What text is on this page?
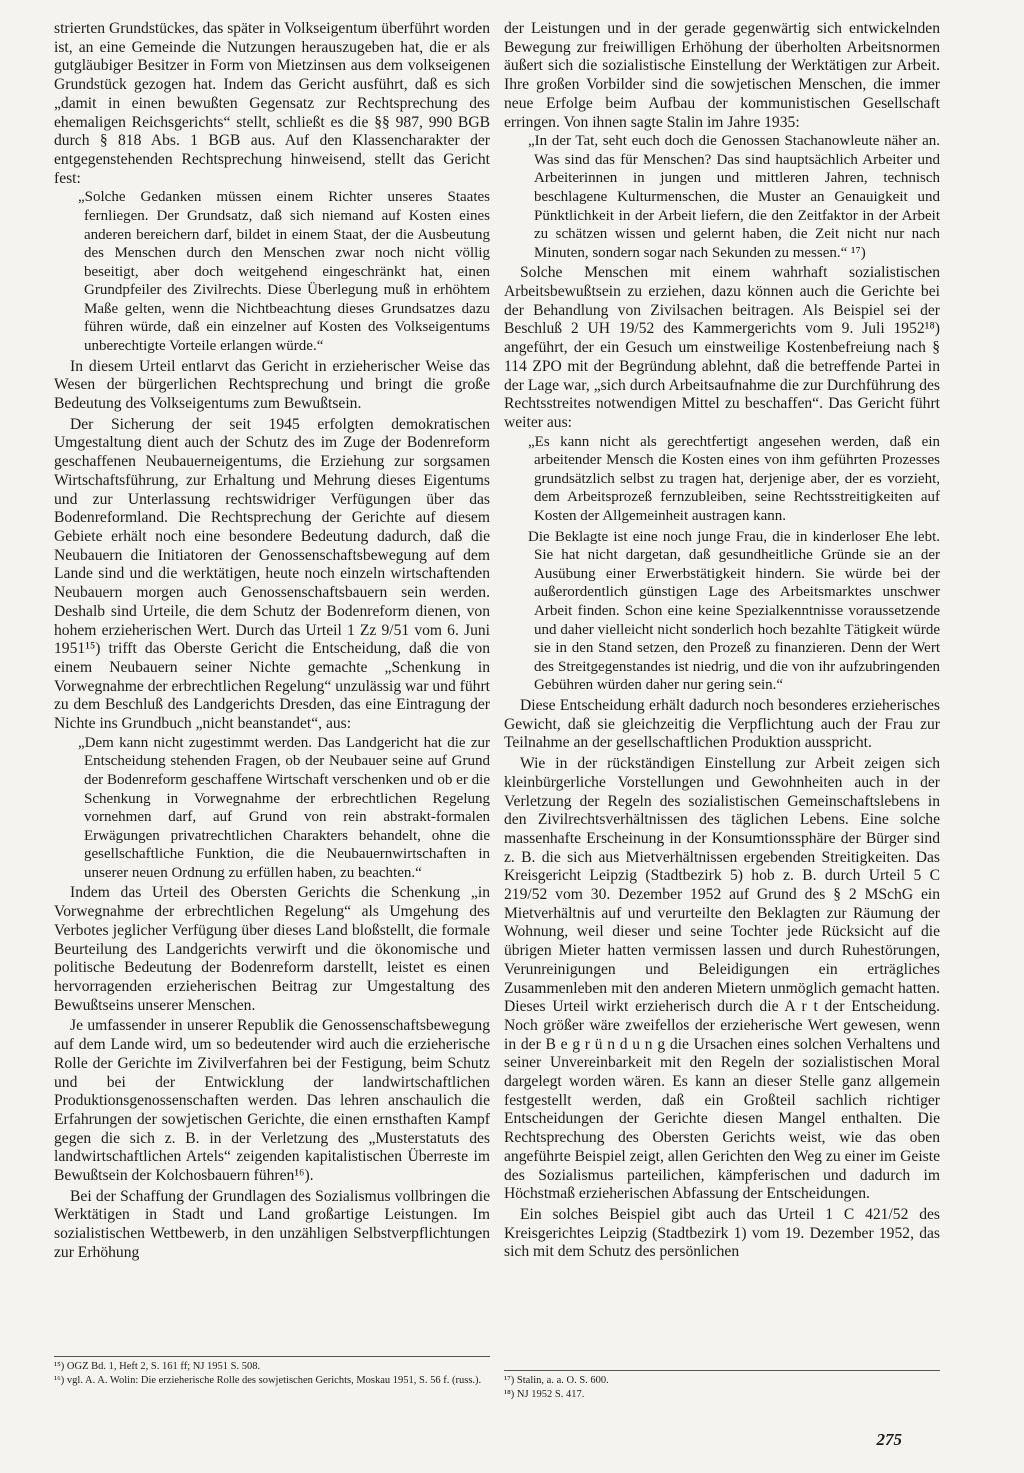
strierten Grundstückes, das später in Volkseigentum überführt worden ist, an eine Gemeinde die Nutzungen herauszugeben hat, die er als gutgläubiger Besitzer in Form von Mietzinsen aus dem volkseigenen Grundstück gezogen hat. Indem das Gericht ausführt, daß es sich „damit in einen bewußten Gegensatz zur Rechtsprechung des ehemaligen Reichsgerichts“ stellt, schließt es die §§ 987, 990 BGB durch § 818 Abs. 1 BGB aus. Auf den Klassencharakter der entgegenstehenden Rechtsprechung hinweisend, stellt das Gericht fest:

„Solche Gedanken müssen einem Richter unseres Staates fernliegen. Der Grundsatz, daß sich niemand auf Kosten eines anderen bereichern darf, bildet in einem Staat, der die Ausbeutung des Menschen durch den Menschen zwar noch nicht völlig beseitigt, aber doch weitgehend eingeschränkt hat, einen Grundpfeiler des Zivilrechts. Diese Überlegung muß in erhöhtem Maße gelten, wenn die Nichtbeachtung dieses Grundsatzes dazu führen würde, daß ein einzelner auf Kosten des Volkseigentums unberechtigte Vorteile erlangen würde.“

In diesem Urteil entlarvt das Gericht in erzieherischer Weise das Wesen der bürgerlichen Rechtsprechung und bringt die große Bedeutung des Volkseigentums zum Bewußtsein.

Der Sicherung der seit 1945 erfolgten demokratischen Umgestaltung dient auch der Schutz des im Zuge der Bodenreform geschaffenen Neubauerneigentums, die Erziehung zur sorgsamen Wirtschaftsführung, zur Erhaltung und Mehrung dieses Eigentums und zur Unterlassung rechtswidriger Verfügungen über das Bodenreformland. Die Rechtsprechung der Gerichte auf diesem Gebiete erhält noch eine besondere Bedeutung dadurch, daß die Neubauern die Initiatoren der Genossenschaftsbewegung auf dem Lande sind und die werktätigen, heute noch einzeln wirtschaftenden Neubauern morgen auch Genossenschaftsbauern sein werden. Deshalb sind Urteile, die dem Schutz der Bodenreform dienen, von hohem erzieherischen Wert. Durch das Urteil 1 Zz 9/51 vom 6. Juni 1951¹⁵) trifft das Oberste Gericht die Entscheidung, daß die von einem Neubauern seiner Nichte gemachte „Schenkung in Vorwegnahme der erbrechtlichen Regelung“ unzulässig war und führt zu dem Beschluß des Landgerichts Dresden, das eine Eintragung der Nichte ins Grundbuch „nicht beanstandet“, aus:

„Dem kann nicht zugestimmt werden. Das Landgericht hat die zur Entscheidung stehenden Fragen, ob der Neubauer seine auf Grund der Bodenreform geschaffene Wirtschaft verschenken und ob er die Schenkung in Vorwegnahme der erbrechtlichen Regelung vornehmen darf, auf Grund von rein abstrakt-formalen Erwägungen privatrechtlichen Charakters behandelt, ohne die gesellschaftliche Funktion, die die Neubauernwirtschaften in unserer neuen Ordnung zu erfüllen haben, zu beachten.“

Indem das Urteil des Obersten Gerichts die Schenkung „in Vorwegnahme der erbrechtlichen Regelung“ als Umgehung des Verbotes jeglicher Verfügung über dieses Land bloßstellt, die formale Beurteilung des Landgerichts verwirft und die ökonomische und politische Bedeutung der Bodenreform darstellt, leistet es einen hervorragenden erzieherischen Beitrag zur Umgestaltung des Bewußtseins unserer Menschen.

Je umfassender in unserer Republik die Genossenschaftsbewegung auf dem Lande wird, um so bedeutender wird auch die erzieherische Rolle der Gerichte im Zivilverfahren bei der Festigung, beim Schutz und bei der Entwicklung der landwirtschaftlichen Produktionsgenossenschaften werden. Das lehren anschaulich die Erfahrungen der sowjetischen Gerichte, die einen ernsthaften Kampf gegen die sich z. B. in der Verletzung des „Musterstatuts des landwirtschaftlichen Artels“ zeigenden kapitalistischen Überreste im Bewußtsein der Kolchosbauern führen¹⁶).

Bei der Schaffung der Grundlagen des Sozialismus vollbringen die Werktätigen in Stadt und Land großartige Leistungen. Im sozialistischen Wettbewerb, in den unzähligen Selbstverpflichtungen zur Erhöhung

der Leistungen und in der gerade gegenwärtig sich entwickelnden Bewegung zur freiwilligen Erhöhung der überholten Arbeitsnormen äußert sich die sozialistische Einstellung der Werktätigen zur Arbeit. Ihre großen Vorbilder sind die sowjetischen Menschen, die immer neue Erfolge beim Aufbau der kommunistischen Gesellschaft erringen. Von ihnen sagte Stalin im Jahre 1935:

„In der Tat, seht euch doch die Genossen Stachanowleute näher an. Was sind das für Menschen? Das sind hauptsächlich Arbeiter und Arbeiterinnen in jungen und mittleren Jahren, technisch beschlagene Kulturmenschen, die Muster an Genauigkeit und Pünktlichkeit in der Arbeit liefern, die den Zeitfaktor in der Arbeit zu schätzen wissen und gelernt haben, die Zeit nicht nur nach Minuten, sondern sogar nach Sekunden zu messen.“ ¹⁷)

Solche Menschen mit einem wahrhaft sozialistischen Arbeitsbewußtsein zu erziehen, dazu können auch die Gerichte bei der Behandlung von Zivilsachen beitragen. Als Beispiel sei der Beschluß 2 UH 19/52 des Kammergerichts vom 9. Juli 1952¹⁸) angeführt, der ein Gesuch um einstweilige Kostenbefreiung nach § 114 ZPO mit der Begründung ablehnt, daß die betreffende Partei in der Lage war, „sich durch Arbeitsaufnahme die zur Durchführung des Rechtsstreites notwendigen Mittel zu beschaffen“. Das Gericht führt weiter aus:

„Es kann nicht als gerechtfertigt angesehen werden, daß ein arbeitender Mensch die Kosten eines von ihm geführten Prozesses grundsätzlich selbst zu tragen hat, derjenige aber, der es vorzieht, dem Arbeitsprozeß fernzubleiben, seine Rechtsstreitigkeiten auf Kosten der Allgemeinheit austragen kann.

Die Beklagte ist eine noch junge Frau, die in kinderloser Ehe lebt. Sie hat nicht dargetan, daß gesundheitliche Gründe sie an der Ausübung einer Erwerbstätigkeit hindern. Sie würde bei der außerordentlich günstigen Lage des Arbeitsmarktes unschwer Arbeit finden. Schon eine keine Spezialkenntnisse voraussetzende und daher vielleicht nicht sonderlich hoch bezahlte Tätigkeit würde sie in den Stand setzen, den Prozeß zu finanzieren. Denn der Wert des Streitgegenstandes ist niedrig, und die von ihr aufzubringenden Gebühren würden daher nur gering sein.“

Diese Entscheidung erhält dadurch noch besonderes erzieherisches Gewicht, daß sie gleichzeitig die Verpflichtung auch der Frau zur Teilnahme an der gesellschaftlichen Produktion ausspricht.

Wie in der rückständigen Einstellung zur Arbeit zeigen sich kleinbürgerliche Vorstellungen und Gewohnheiten auch in der Verletzung der Regeln des sozialistischen Gemeinschaftslebens in den Zivilrechtsverhältnissen des täglichen Lebens. Eine solche massenhafte Erscheinung in der Konsumtionssphäre der Bürger sind z. B. die sich aus Mietverhältnissen ergebenden Streitigkeiten. Das Kreisgericht Leipzig (Stadtbezirk 5) hob z. B. durch Urteil 5 C 219/52 vom 30. Dezember 1952 auf Grund des § 2 MSchG ein Mietverhältnis auf und verurteilte den Beklagten zur Räumung der Wohnung, weil dieser und seine Tochter jede Rücksicht auf die übrigen Mieter hatten vermissen lassen und durch Ruhestörungen, Verunreinigungen und Beleidigungen ein erträgliches Zusammenleben mit den anderen Mietern unmöglich gemacht hatten. Dieses Urteil wirkt erzieherisch durch die A r t der Entscheidung. Noch größer wäre zweifellos der erzieherische Wert gewesen, wenn in der B e g r ü n d u n g die Ursachen eines solchen Verhaltens und seiner Unvereinbarkeit mit den Regeln der sozialistischen Moral dargelegt worden wären. Es kann an dieser Stelle ganz allgemein festgestellt werden, daß ein Großteil sachlich richtiger Entscheidungen der Gerichte diesen Mangel enthalten. Die Rechtsprechung des Obersten Gerichts weist, wie das oben angeführte Beispiel zeigt, allen Gerichten den Weg zu einer im Geiste des Sozialismus parteilichen, kämpferischen und dadurch im Höchstmaß erzieherischen Abfassung der Entscheidungen.

Ein solches Beispiel gibt auch das Urteil 1 C 421/52 des Kreisgerichtes Leipzig (Stadtbezirk 1) vom 19. Dezember 1952, das sich mit dem Schutz des persönlichen

¹⁵) OGZ Bd. 1, Heft 2, S. 161 ff; NJ 1951 S. 508.
¹⁶) vgl. A. A. Wolin: Die erzieherische Rolle des sowjetischen Gerichts, Moskau 1951, S. 56 f. (russ.).	¹⁷) Stalin, a. a. O. S. 600.
¹⁸) NJ 1952 S. 417.
275
